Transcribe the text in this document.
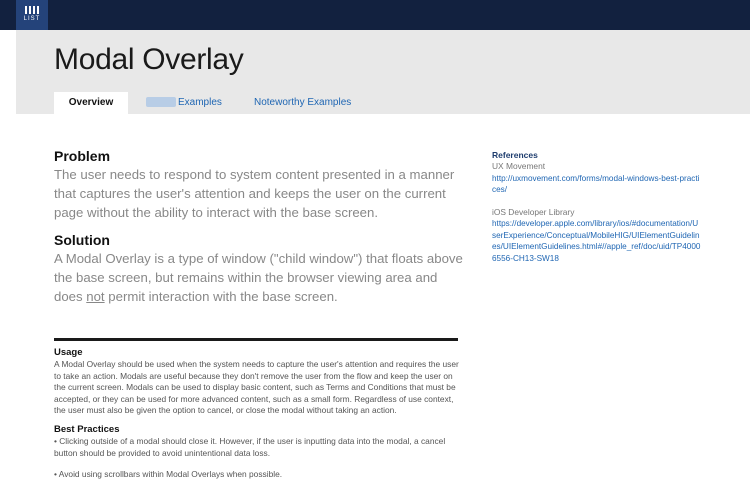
LIST
Modal Overlay
Overview	Examples	Noteworthy Examples
Problem

The user needs to respond to system content presented in a manner that captures the user's attention and keeps the user on the current page without the ability to interact with the base screen.

Solution

A Modal Overlay is a type of window ("child window") that floats above the base screen, but remains within the browser viewing area and does not permit interaction with the base screen.

Usage

A Modal Overlay should be used when the system needs to capture the user's attention and requires the user to take an action. Modals are useful because they don't remove the user from the flow and keep the user on the current screen. Modals can be used to display basic content, such as Terms and Conditions that must be accepted, or they can be used for more advanced content, such as a small form. Regardless of use context, the user must also be given the option to cancel, or close the modal without taking an action.

Best Practices

• Clicking outside of a modal should close it. However, if the user is inputting data into the modal, a cancel button should be provided to avoid unintentional data loss.

• Avoid using scrollbars within Modal Overlays when possible.

References

UX Movement

http://uxmovement.com/forms/modal-windows-best-practices/

iOS Developer Library

https://developer.apple.com/library/ios/#documentation/UserExperience/Conceptual/MobileHIG/UIElementGuidelines/UIElementGuidelines.html#//apple_ref/doc/uid/TP40006556-CH13-SW18
